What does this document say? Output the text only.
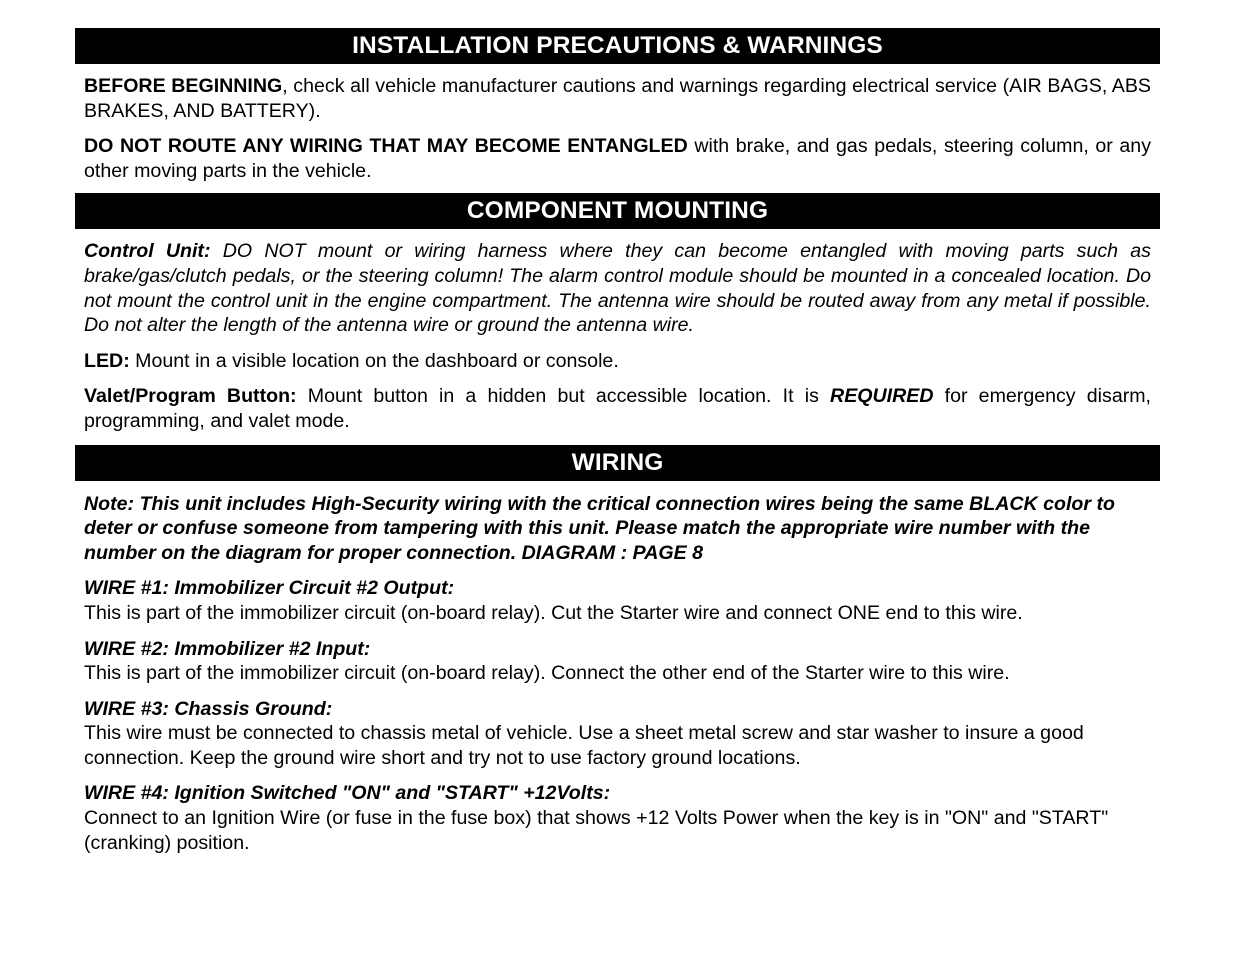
INSTALLATION PRECAUTIONS & WARNINGS

BEFORE BEGINNING, check all vehicle manufacturer cautions and warnings regarding electrical service (AIR BAGS, ABS BRAKES, AND BATTERY).

DO NOT ROUTE ANY WIRING THAT MAY BECOME ENTANGLED with brake, and gas pedals, steering column, or any other moving parts in the vehicle.

COMPONENT MOUNTING

Control Unit: DO NOT mount or wiring harness where they can become entangled with moving parts such as brake/gas/clutch pedals, or the steering column! The alarm control module should be mounted in a concealed location. Do not mount the control unit in the engine compartment. The antenna wire should be routed away from any metal if possible. Do not alter the length of the antenna wire or ground the antenna wire.

LED: Mount in a visible location on the dashboard or console.

Valet/Program Button: Mount button in a hidden but accessible location. It is REQUIRED for emergency disarm, programming, and valet mode.

WIRING

Note: This unit includes High-Security wiring with the critical connection wires being the same BLACK color to deter or confuse someone from tampering with this unit. Please match the appropriate wire number with the number on the diagram for proper connection. DIAGRAM : PAGE 8

WIRE #1: Immobilizer Circuit #2 Output:
This is part of the immobilizer circuit (on-board relay). Cut the Starter wire and connect ONE end to this wire.

WIRE #2: Immobilizer #2 Input:
This is part of the immobilizer circuit (on-board relay). Connect the other end of the Starter wire to this wire.

WIRE #3: Chassis Ground:
This wire must be connected to chassis metal of vehicle. Use a sheet metal screw and star washer to insure a good connection. Keep the ground wire short and try not to use factory ground locations.

WIRE #4: Ignition Switched "ON" and "START" +12Volts:
Connect to an Ignition Wire (or fuse in the fuse box) that shows +12 Volts Power when the key is in "ON" and "START" (cranking) position.
